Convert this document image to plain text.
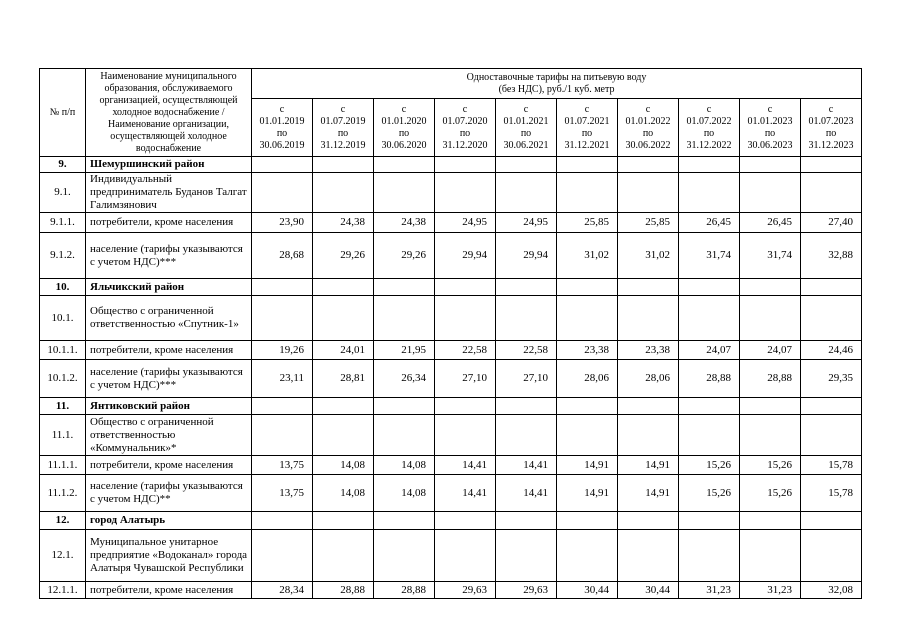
№ п/п	Наименование муниципального образования, обслуживаемого организацией, осуществляющей холодное водоснабжение / Наименование организации, осуществляющей холодное водоснабжение	Одноставочные тарифы на питьевую воду
(без НДС), руб./1 куб. метр									

		с
01.01.2019
по
30.06.2019	с
01.07.2019
по
31.12.2019	с
01.01.2020
по
30.06.2020	с
01.07.2020
по
31.12.2020	с
01.01.2021
по
30.06.2021	с
01.07.2021
по
31.12.2021	с
01.01.2022
по
30.06.2022	с
01.07.2022
по
31.12.2022	с
01.01.2023
по
30.06.2023	с
01.07.2023
по
31.12.2023

9.	Шемуршинский район										
9.1.	Индивидуальный предприниматель Буданов Талгат Галимзянович										
9.1.1.	потребители, кроме населения	23,90	24,38	24,38	24,95	24,95	25,85	25,85	26,45	26,45	27,40
9.1.2.	население (тарифы указываются с учетом НДС)***	28,68	29,26	29,26	29,94	29,94	31,02	31,02	31,74	31,74	32,88
10.	Яльчикский район										
10.1.	Общество с ограниченной ответственностью «Спутник-1»										
10.1.1.	потребители, кроме населения	19,26	24,01	21,95	22,58	22,58	23,38	23,38	24,07	24,07	24,46
10.1.2.	население (тарифы указываются с учетом НДС)***	23,11	28,81	26,34	27,10	27,10	28,06	28,06	28,88	28,88	29,35
11.	Янтиковский район										
11.1.	Общество с ограниченной ответственностью «Коммунальник»*										
11.1.1.	потребители, кроме населения	13,75	14,08	14,08	14,41	14,41	14,91	14,91	15,26	15,26	15,78
11.1.2.	население (тарифы указываются с учетом НДС)**	13,75	14,08	14,08	14,41	14,41	14,91	14,91	15,26	15,26	15,78
12.	город Алатырь										
12.1.	Муниципальное унитарное предприятие «Водоканал» города Алатыря Чувашской Республики										
12.1.1.	потребители, кроме населения	28,34	28,88	28,88	29,63	29,63	30,44	30,44	31,23	31,23	32,08
